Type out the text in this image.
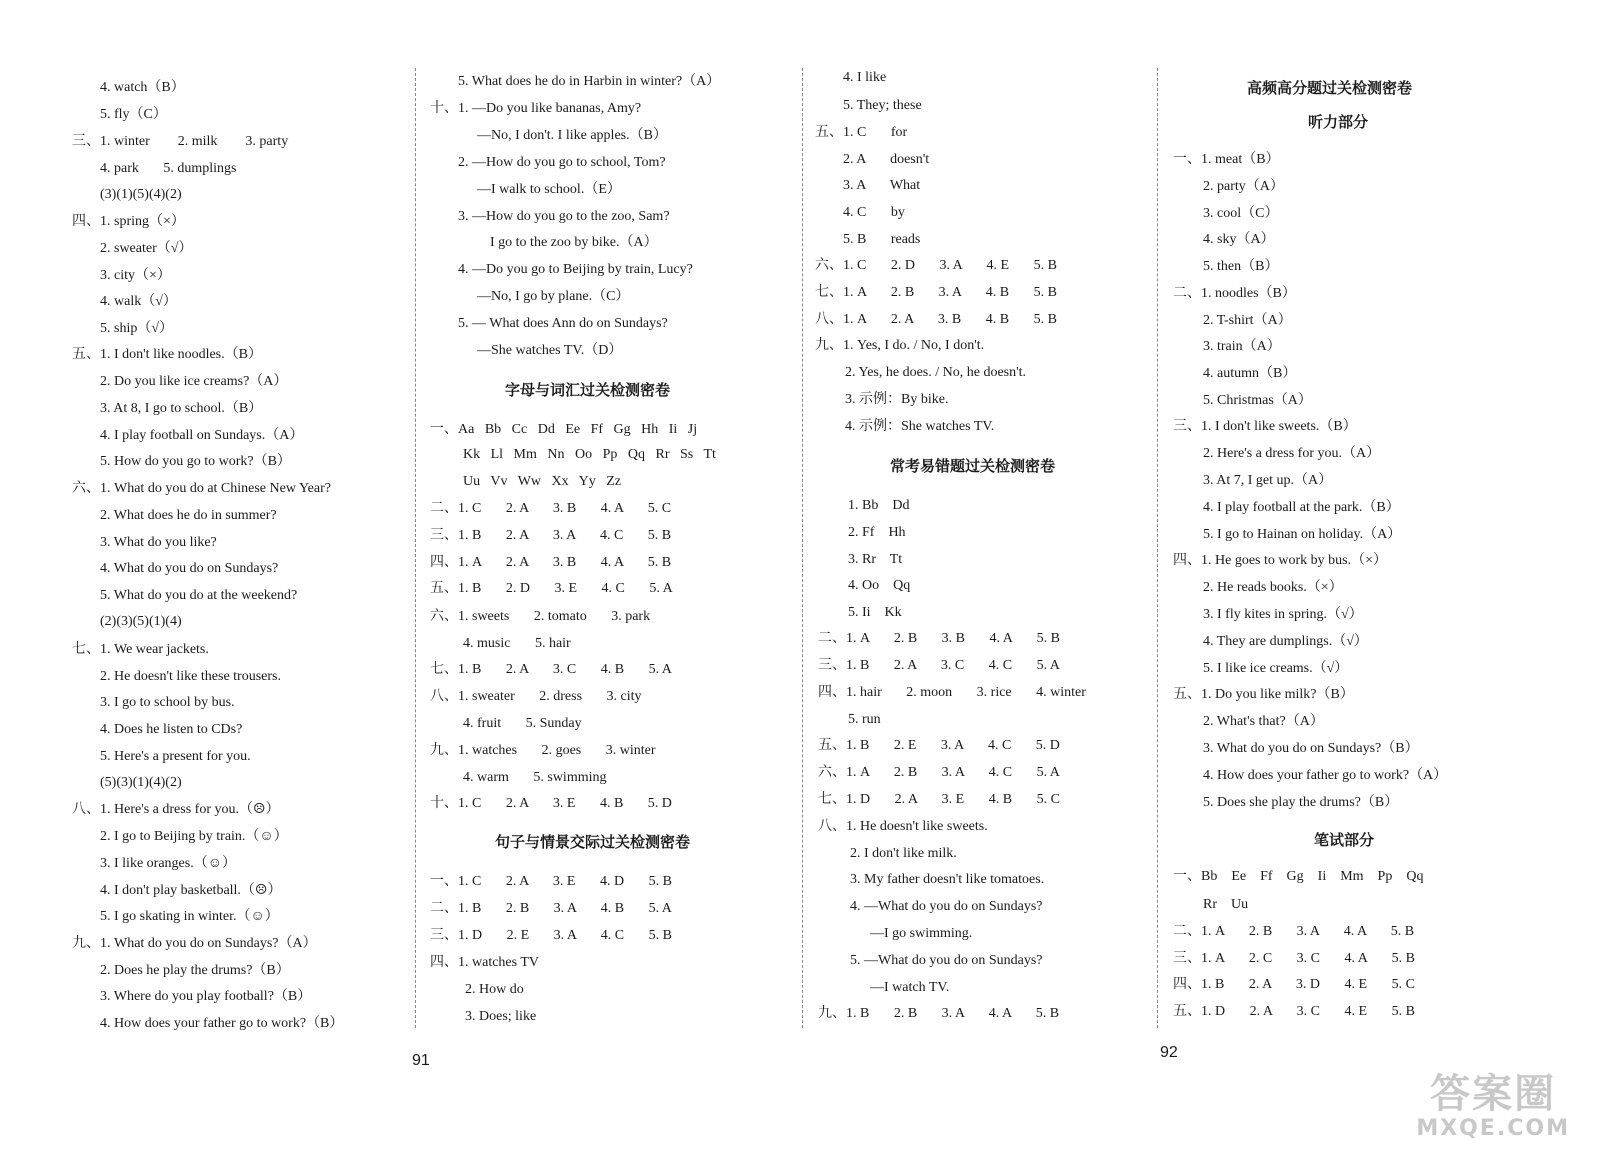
4. watch（B）
5. fly（C）
三、1. winter        2. milk        3. party
4. park       5. dumplings
(3)(1)(5)(4)(2)
四、1. spring（×）
2. sweater（√）
3. city（×）
4. walk（√）
5. ship（√）
五、1. I don't like noodles.（B）
2. Do you like ice creams?（A）
3. At 8, I go to school.（B）
4. I play football on Sundays.（A）
5. How do you go to work?（B）
六、1. What do you do at Chinese New Year?
2. What does he do in summer?
3. What do you like?
4. What do you do on Sundays?
5. What do you do at the weekend?
(2)(3)(5)(1)(4)
七、1. We wear jackets.
2. He doesn't like these trousers.
3. I go to school by bus.
4. Does he listen to CDs?
5. Here's a present for you.
(5)(3)(1)(4)(2)
八、1. Here's a dress for you.（☹）
2. I go to Beijing by train.（☺）
3. I like oranges.（☺）
4. I don't play basketball.（☹）
5. I go skating in winter.（☺）
九、1. What do you do on Sundays?（A）
2. Does he play the drums?（B）
3. Where do you play football?（B）
4. How does your father go to work?（B）
5. What does he do in Harbin in winter?（A）
十、1. —Do you like bananas, Amy?
—No, I don't. I like apples.（B）
2. —How do you go to school, Tom?
—I walk to school.（E）
3. —How do you go to the zoo, Sam?
I go to the zoo by bike.（A）
4. —Do you go to Beijing by train, Lucy?
—No, I go by plane.（C）
5. — What does Ann do on Sundays?
—She watches TV.（D）
一、Aa   Bb   Cc   Dd   Ee   Ff   Gg   Hh   Ii   Jj
Kk   Ll   Mm   Nn   Oo   Pp   Qq   Rr   Ss   Tt
Uu   Vv   Ww   Xx   Yy   Zz
二、1. C       2. A       3. B       4. A       5. C
三、1. B       2. A       3. A       4. C       5. B
四、1. A       2. A       3. B       4. A       5. B
五、1. B       2. D       3. E       4. C       5. A
六、1. sweets       2. tomato       3. park
4. music       5. hair
七、1. B       2. A       3. C       4. B       5. A
八、1. sweater       2. dress       3. city
4. fruit       5. Sunday
九、1. watches       2. goes       3. winter
4. warm       5. swimming
十、1. C       2. A       3. E       4. B       5. D
一、1. C       2. A       3. E       4. D       5. B
二、1. B       2. B       3. A       4. B       5. A
三、1. D       2. E       3. A       4. C       5. B
四、1. watches TV
2. How do
3. Does; like
字母与词汇过关检测密卷
句子与情景交际过关检测密卷
4. I like
5. They; these
五、1. C       for
2. A       doesn't
3. A       What
4. C       by
5. B       reads
六、1. C       2. D       3. A       4. E       5. B
七、1. A       2. B       3. A       4. B       5. B
八、1. A       2. A       3. B       4. B       5. B
九、1. Yes, I do. / No, I don't.
2. Yes, he does. / No, he doesn't.
3. 示例：By bike.
4. 示例：She watches TV.
1. Bb    Dd
2. Ff    Hh
3. Rr    Tt
4. Oo    Qq
5. Ii    Kk
二、1. A       2. B       3. B       4. A       5. B
三、1. B       2. A       3. C       4. C       5. A
四、1. hair       2. moon       3. rice       4. winter
5. run
五、1. B       2. E       3. A       4. C       5. D
六、1. A       2. B       3. A       4. C       5. A
七、1. D       2. A       3. E       4. B       5. C
八、1. He doesn't like sweets.
2. I don't like milk.
3. My father doesn't like tomatoes.
4. —What do you do on Sundays?
—I go swimming.
5. —What do you do on Sundays?
—I watch TV.
九、1. B       2. B       3. A       4. A       5. B
常考易错题过关检测密卷
一、1. meat（B）
2. party（A）
3. cool（C）
4. sky（A）
5. then（B）
二、1. noodles（B）
2. T-shirt（A）
3. train（A）
4. autumn（B）
5. Christmas（A）
三、1. I don't like sweets.（B）
2. Here's a dress for you.（A）
3. At 7, I get up.（A）
4. I play football at the park.（B）
5. I go to Hainan on holiday.（A）
四、1. He goes to work by bus.（×）
2. He reads books.（×）
3. I fly kites in spring.（√）
4. They are dumplings.（√）
5. I like ice creams.（√）
五、1. Do you like milk?（B）
2. What's that?（A）
3. What do you do on Sundays?（B）
4. How does your father go to work?（A）
5. Does she play the drums?（B）
一、Bb    Ee    Ff    Gg    Ii    Mm    Pp    Qq
Rr    Uu
二、1. A       2. B       3. A       4. A       5. B
三、1. A       2. C       3. C       4. A       5. B
四、1. B       2. A       3. D       4. E       5. C
五、1. D       2. A       3. C       4. E       5. B
高频高分题过关检测密卷
听力部分
笔试部分
91	92
答案圈
MXQE.COM
